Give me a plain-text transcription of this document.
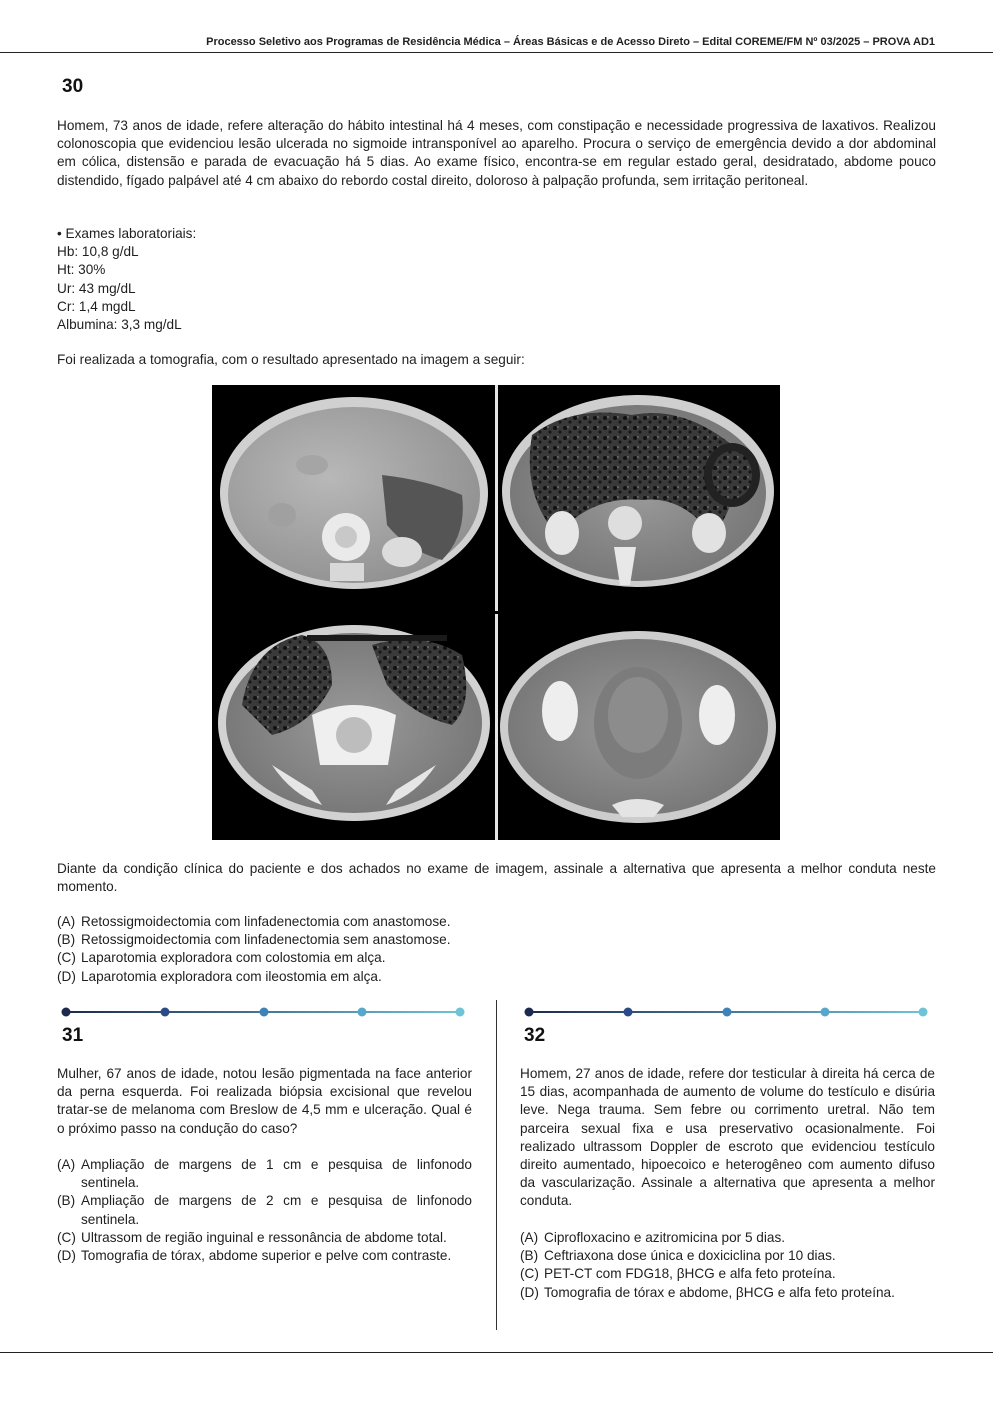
Processo Seletivo aos Programas de Residência Médica – Áreas Básicas e de Acesso Direto – Edital COREME/FM Nº 03/2025 – PROVA AD1
30

Homem, 73 anos de idade, refere alteração do hábito intestinal há 4 meses, com constipação e necessidade progressiva de laxativos. Realizou colonoscopia que evidenciou lesão ulcerada no sigmoide intransponível ao aparelho. Procura o serviço de emergência devido a dor abdominal em cólica, distensão e parada de evacuação há 5 dias. Ao exame físico, encontra-se em regular estado geral, desidratado, abdome pouco distendido, fígado palpável até 4 cm abaixo do rebordo costal direito, doloroso à palpação profunda, sem irritação peritoneal.

• Exames laboratoriais:
Hb: 10,8 g/dL
Ht: 30%
Ur: 43 mg/dL
Cr: 1,4 mgdL
Albumina: 3,3 mg/dL

Foi realizada a tomografia, com o resultado apresentado na imagem a seguir:

Diante da condição clínica do paciente e dos achados no exame de imagem, assinale a alternativa que apresenta a melhor conduta neste momento.

(A) Retossigmoidectomia com linfadenectomia com anastomose.
(B) Retossigmoidectomia com linfadenectomia sem anastomose.
(C) Laparotomia exploradora com colostomia em alça.
(D) Laparotomia exploradora com ileostomia em alça.
31

Mulher, 67 anos de idade, notou lesão pigmentada na face anterior da perna esquerda. Foi realizada biópsia excisional que revelou tratar-se de melanoma com Breslow de 4,5 mm e ulceração. Qual é o próximo passo na condução do caso?

(A) Ampliação de margens de 1 cm e pesquisa de linfonodo sentinela.
(B) Ampliação de margens de 2 cm e pesquisa de linfonodo sentinela.
(C) Ultrassom de região inguinal e ressonância de abdome total.
(D) Tomografia de tórax, abdome superior e pelve com contraste.
32

Homem, 27 anos de idade, refere dor testicular à direita há cerca de 15 dias, acompanhada de aumento de volume do testículo e disúria leve. Nega trauma. Sem febre ou corrimento uretral. Não tem parceira sexual fixa e usa preservativo ocasionalmente. Foi realizado ultrassom Doppler de escroto que evidenciou testículo direito aumentado, hipoecoico e heterogêneo com aumento difuso da vascularização. Assinale a alternativa que apresenta a melhor conduta.

(A) Ciprofloxacino e azitromicina por 5 dias.
(B) Ceftriaxona dose única e doxiciclina por 10 dias.
(C) PET-CT com FDG18, βHCG e alfa feto proteína.
(D) Tomografia de tórax e abdome, βHCG e alfa feto proteína.
